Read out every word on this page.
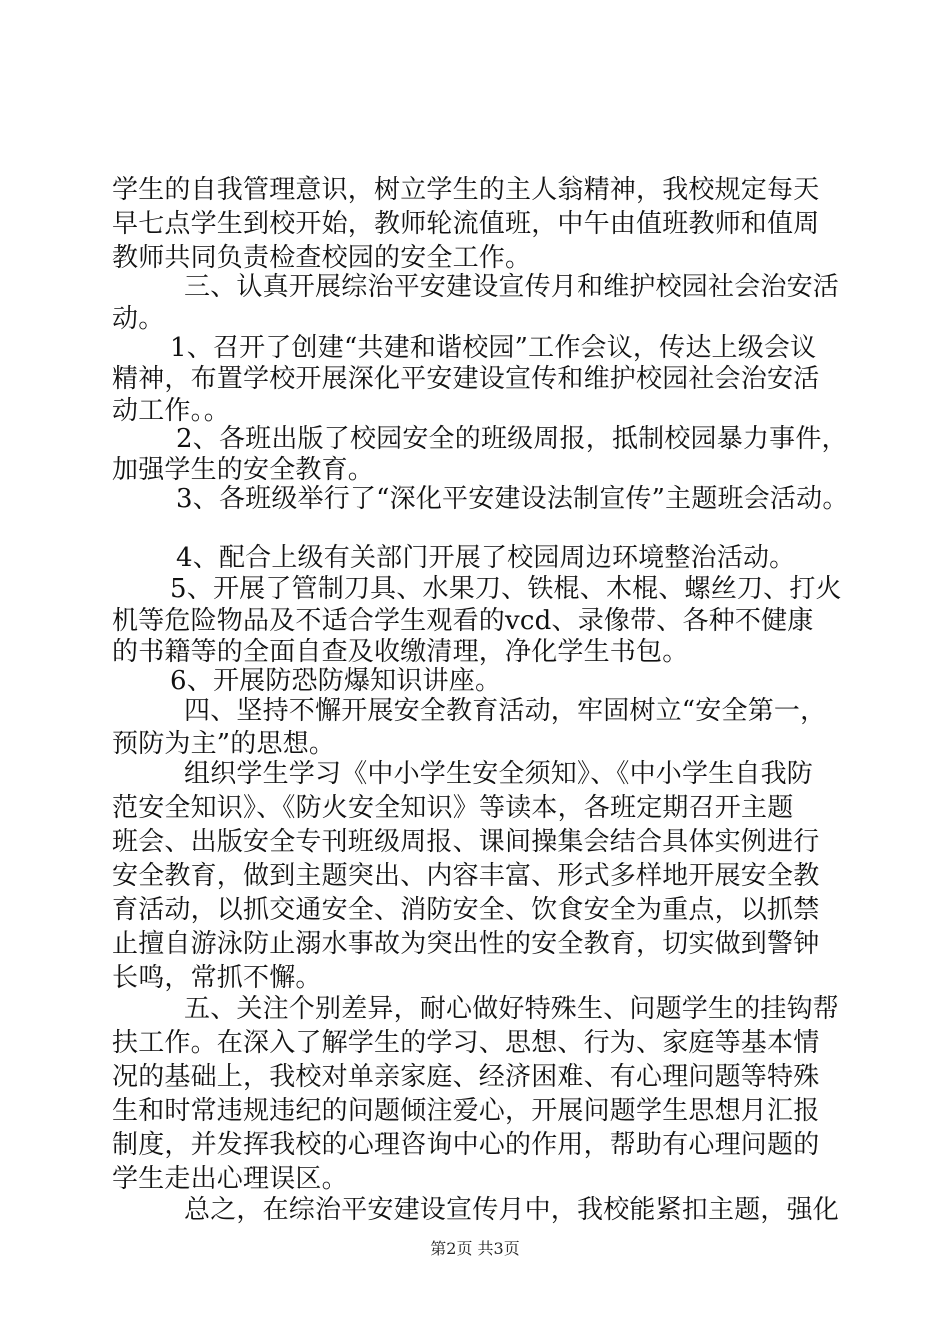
学生的自我管理意识，树立学生的主人翁精神，我校规定每天
早七点学生到校开始，教师轮流值班，中午由值班教师和值周
教师共同负责检查校园的安全工作。
三、认真开展综治平安建设宣传月和维护校园社会治安活
动。
1、召开了创建“共建和谐校园”工作会议，传达上级会议
精神，布置学校开展深化平安建设宣传和维护校园社会治安活
动工作。。
2、各班出版了校园安全的班级周报，抵制校园暴力事件，
加强学生的安全教育。
3、各班级举行了“深化平安建设法制宣传”主题班会活动。
4、配合上级有关部门开展了校园周边环境整治活动。
5、开展了管制刀具、水果刀、铁棍、木棍、螺丝刀、打火
机等危险物品及不适合学生观看的vcd、录像带、各种不健康
的书籍等的全面自查及收缴清理，净化学生书包。
6、开展防恐防爆知识讲座。
四、坚持不懈开展安全教育活动，牢固树立“安全第一，
预防为主”的思想。
组织学生学习《中小学生安全须知》、《中小学生自我防
范安全知识》、《防火安全知识》等读本，各班定期召开主题
班会、出版安全专刊班级周报、课间操集会结合具体实例进行
安全教育，做到主题突出、内容丰富、形式多样地开展安全教
育活动，以抓交通安全、消防安全、饮食安全为重点，以抓禁
止擅自游泳防止溺水事故为突出性的安全教育，切实做到警钟
长鸣，常抓不懈。
五、关注个别差异，耐心做好特殊生、问题学生的挂钩帮
扶工作。在深入了解学生的学习、思想、行为、家庭等基本情
况的基础上，我校对单亲家庭、经济困难、有心理问题等特殊
生和时常违规违纪的问题倾注爱心，开展问题学生思想月汇报
制度，并发挥我校的心理咨询中心的作用，帮助有心理问题的
学生走出心理误区。
总之，在综治平安建设宣传月中，我校能紧扣主题，强化
第2页 共3页
